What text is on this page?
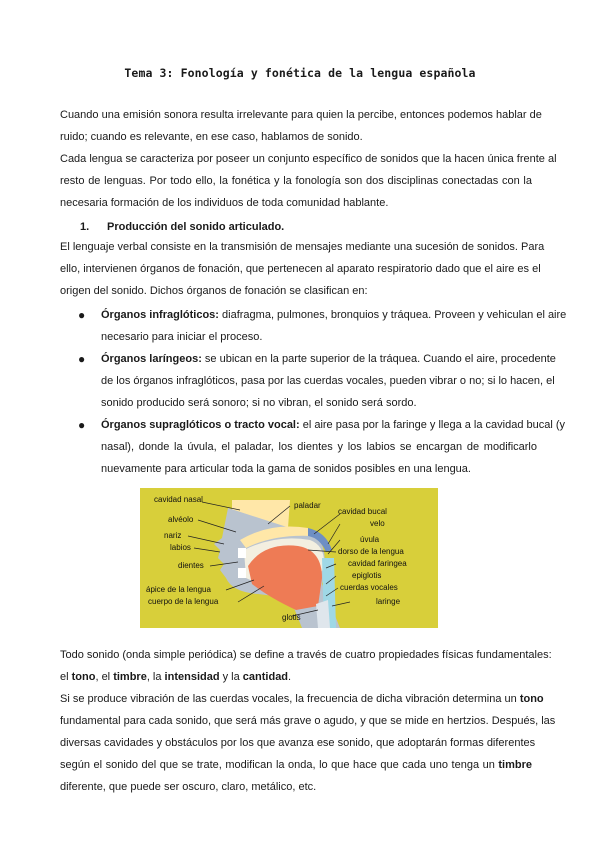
Tema 3: Fonología y fonética de la lengua española
Cuando una emisión sonora resulta irrelevante para quien la percibe, entonces podemos hablar de
ruido; cuando es relevante, en ese caso, hablamos de sonido.
Cada lengua se caracteriza por poseer un conjunto específico de sonidos que la hacen única frente al
resto de lenguas. Por todo ello, la fonética y la fonología son dos disciplinas conectadas con la
necesaria formación de los individuos de toda comunidad hablante.
1. Producción del sonido articulado.
El lenguaje verbal consiste en la transmisión de mensajes mediante una sucesión de sonidos. Para
ello, intervienen órganos de fonación, que pertenecen al aparato respiratorio dado que el aire es el
origen del sonido. Dichos órganos de fonación se clasifican en:
●	Órganos infraglóticos: diafragma, pulmones, bronquios y tráquea. Proveen y vehiculan el aire
necesario para iniciar el proceso.
●	Órganos laríngeos: se ubican en la parte superior de la tráquea. Cuando el aire, procedente
de los órganos infraglóticos, pasa por las cuerdas vocales, pueden vibrar o no; si lo hacen, el
sonido producido será sonoro; si no vibran, el sonido será sordo.
●	Órganos supraglóticos o tracto vocal: el aire pasa por la faringe y llega a la cavidad bucal (y
nasal), donde la úvula, el paladar, los dientes y los labios se encargan de modificarlo
nuevamente para articular toda la gama de sonidos posibles en una lengua.
cavidad nasal
paladar
alvéolo
cavidad bucal
velo
nariz	úvula
labios	dorso de la lengua
cavidad faringea
dientes
epiglotis
ápice de la lengua	cuerdas vocales
cuerpo de la lengua	laringe
glotis
Todo sonido (onda simple periódica) se define a través de cuatro propiedades físicas fundamentales:
el tono, el timbre, la intensidad y la cantidad.
Si se produce vibración de las cuerdas vocales, la frecuencia de dicha vibración determina un tono
fundamental para cada sonido, que será más grave o agudo, y que se mide en hertzios. Después, las
diversas cavidades y obstáculos por los que avanza ese sonido, que adoptarán formas diferentes
según el sonido del que se trate, modifican la onda, lo que hace que cada uno tenga un timbre
diferente, que puede ser oscuro, claro, metálico, etc.
